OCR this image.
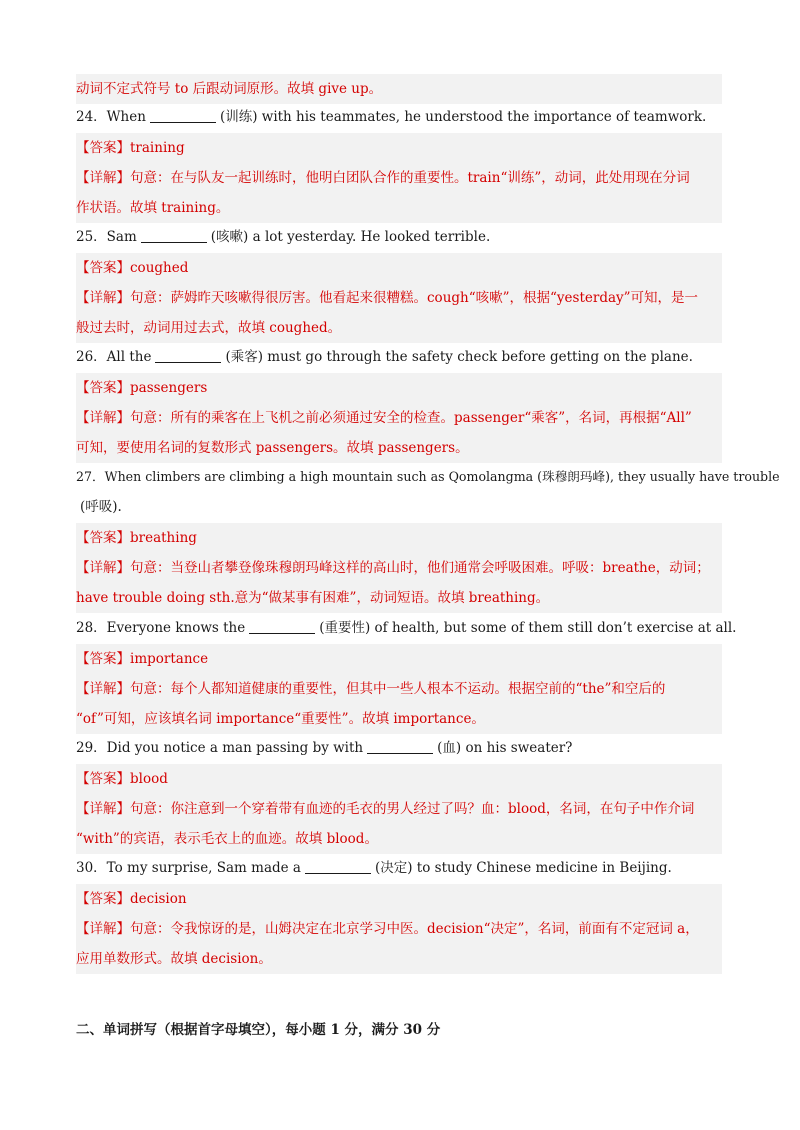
动词不定式符号 to 后跟动词原形。故填 give up。
24．When	(训练) with his teammates, he understood the importance of teamwork.
【答案】training
【详解】句意：在与队友一起训练时，他明白团队合作的重要性。train“训练”，动词，此处用现在分词
作状语。故填 training。
25．Sam	(咳嗽) a lot yesterday. He looked terrible.
【答案】coughed
【详解】句意：萨姆昨天咳嗽得很厉害。他看起来很糟糕。cough“咳嗽”，根据“yesterday”可知，是一
般过去时，动词用过去式，故填 coughed。
26．All the	(乘客) must go through the safety check before getting on the plane.
【答案】passengers
【详解】句意：所有的乘客在上飞机之前必须通过安全的检查。passenger“乘客”，名词，再根据“All”
可知，要使用名词的复数形式 passengers。故填 passengers。
27．When climbers are climbing a high mountain such as Qomolangma (珠穆朗玛峰), they usually have trouble
(呼吸).
【答案】breathing
【详解】句意：当登山者攀登像珠穆朗玛峰这样的高山时，他们通常会呼吸困难。呼吸：breathe，动词；
have trouble doing sth.意为“做某事有困难”，动词短语。故填 breathing。
28．Everyone knows the	(重要性) of health, but some of them still don’t exercise at all.
【答案】importance
【详解】句意：每个人都知道健康的重要性，但其中一些人根本不运动。根据空前的“the”和空后的
“of”可知，应该填名词 importance“重要性”。故填 importance。
29．Did you notice a man passing by with	(血) on his sweater?
【答案】blood
【详解】句意：你注意到一个穿着带有血迹的毛衣的男人经过了吗？血：blood，名词，在句子中作介词
“with”的宾语，表示毛衣上的血迹。故填 blood。
30．To my surprise, Sam made a	(决定) to study Chinese medicine in Beijing.
【答案】decision
【详解】句意：令我惊讶的是，山姆决定在北京学习中医。decision“决定”，名词，前面有不定冠词 a，
应用单数形式。故填 decision。
二、单词拼写（根据首字母填空），每小题 1 分，满分 30 分
